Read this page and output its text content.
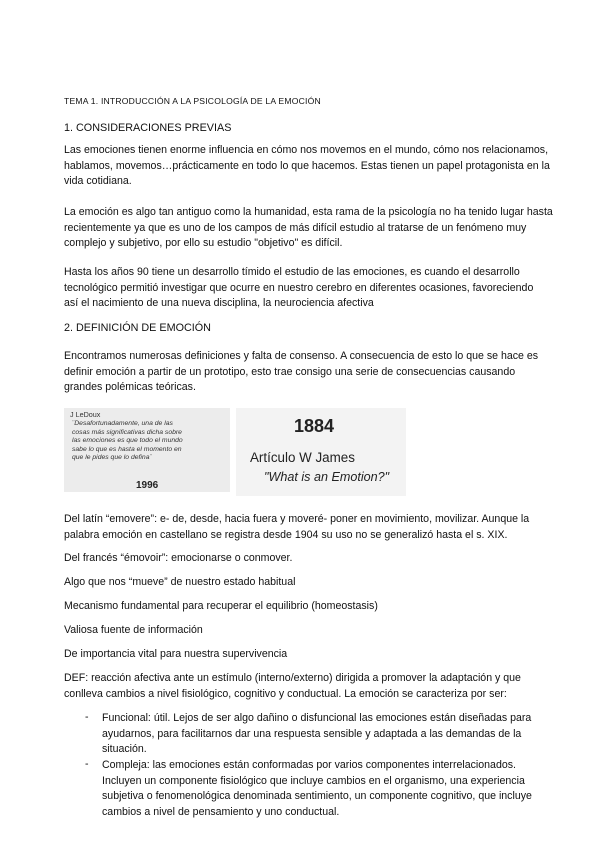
TEMA 1. INTRODUCCIÓN A LA PSICOLOGÍA DE LA EMOCIÓN
1. CONSIDERACIONES PREVIAS

Las emociones tienen enorme influencia en cómo nos movemos en el mundo, cómo nos relacionamos,

hablamos, movemos…prácticamente en todo lo que hacemos. Estas tienen un papel protagonista en la

vida cotidiana.

La emoción es algo tan antiguo como la humanidad, esta rama de la psicología no ha tenido lugar hasta

recientemente ya que es uno de los campos de más difícil estudio al tratarse de un fenómeno muy

complejo y subjetivo, por ello su estudio "objetivo" es difícil.

Hasta los años 90 tiene un desarrollo tímido el estudio de las emociones, es cuando el desarrollo

tecnológico permitió investigar que ocurre en nuestro cerebro en diferentes ocasiones, favoreciendo

así el nacimiento de una nueva disciplina, la neurociencia afectiva

2. DEFINICIÓN DE EMOCIÓN

Encontramos numerosas definiciones y falta de consenso. A consecuencia de esto lo que se hace es

definir emoción a partir de un prototipo, esto trae consigo una serie de consecuencias causando

grandes polémicas teóricas.

J LeDoux
¨Desafortunadamente, una de las
cosas más significativas dicha sobre
las emociones es que todo el mundo
sabe lo que es hasta el momento en
que le pides que lo defina¨
1996
1884
Artículo W James
"What is an Emotion?"

Del latín “emovere”: e- de, desde, hacia fuera y moveré- poner en movimiento, movilizar. Aunque la

palabra emoción en castellano se registra desde 1904 su uso no se generalizó hasta el s. XIX.

Del francés “émovoir”: emocionarse o conmover.
Algo que nos “mueve” de nuestro estado habitual
Mecanismo fundamental para recuperar el equilibrio (homeostasis)
Valiosa fuente de información
De importancia vital para nuestra supervivencia

DEF: reacción afectiva ante un estímulo (interno/externo) dirigida a promover la adaptación y que

conlleva cambios a nivel fisiológico, cognitivo y conductual. La emoción se caracteriza por ser:

- Funcional: útil. Lejos de ser algo dañino o disfuncional las emociones están diseñadas para

ayudarnos, para facilitarnos dar una respuesta sensible y adaptada a las demandas de la

situación.

- Compleja: las emociones están conformadas por varios componentes interrelacionados.

Incluyen un componente fisiológico que incluye cambios en el organismo, una experiencia

subjetiva o fenomenológica denominada sentimiento, un componente cognitivo, que incluye

cambios a nivel de pensamiento y uno conductual.
